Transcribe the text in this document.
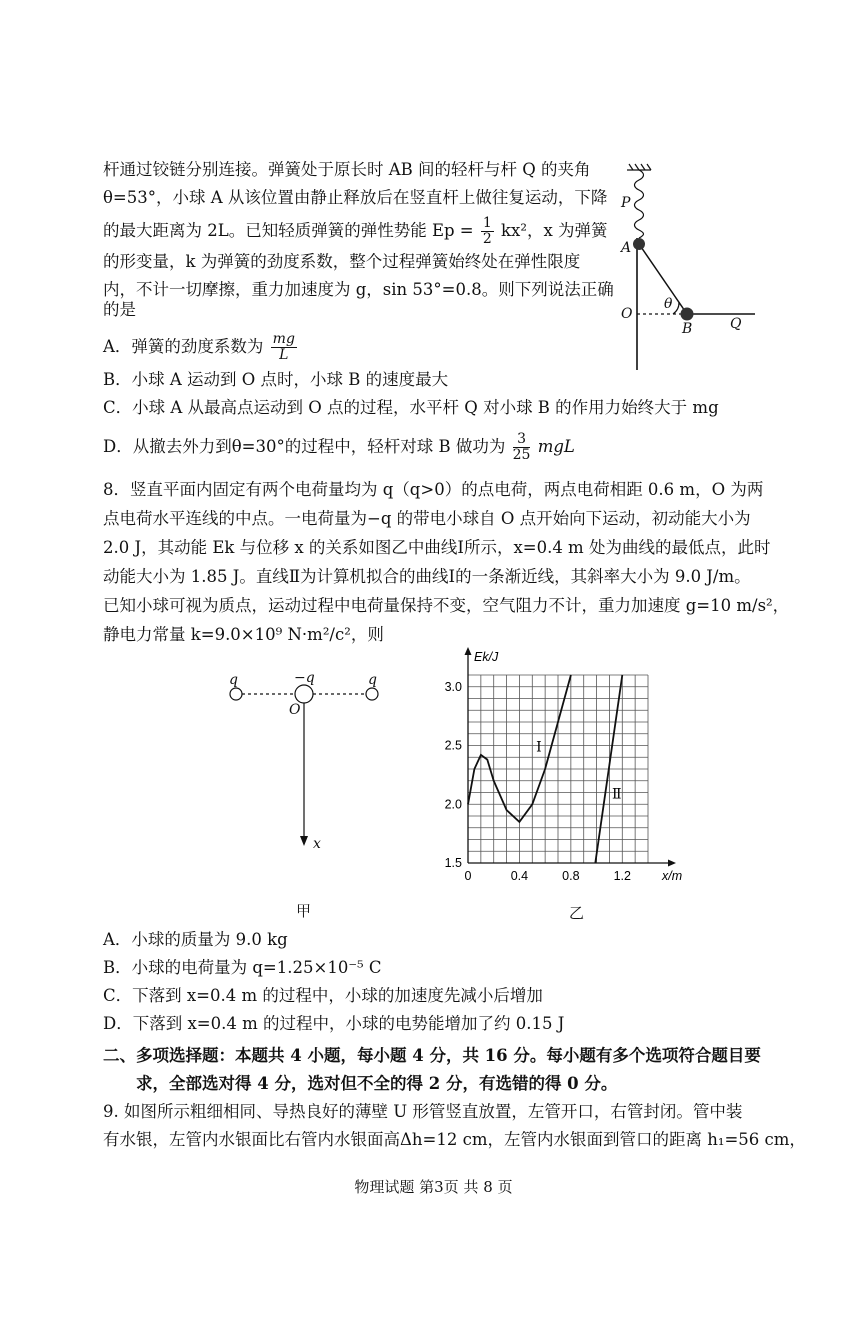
杆通过铰链分别连接。弹簧处于原长时 AB 间的轻杆与杆 Q 的夹角
θ=53°，小球 A 从该位置由静止释放后在竖直杆上做往复运动，下降
的最大距离为 2L。已知轻质弹簧的弹性势能 $Ep = \frac{1}{2} kx^2$，x 为弹簧
的形变量，k 为弹簧的劲度系数，整个过程弹簧始终处在弹性限度
内，不计一切摩擦，重力加速度为 g，sin 53°=0.8。则下列说法正确
的是
A．弹簧的劲度系数为 $\frac{mg}{L}$
B．小球 A 运动到 O 点时，小球 B 的速度最大
C．小球 A 从最高点运动到 O 点的过程，水平杆 Q 对小球 B 的作用力始终大于 mg
D．从撤去外力到θ=30°的过程中，轻杆对球 B 做功为 $\frac{3}{25}$ mgL
P
A
O
θ
B	Q
8．竖直平面内固定有两个电荷量均为 q（q>0）的点电荷，两点电荷相距 0.6 m，O 为两
点电荷水平连线的中点。一电荷量为−q 的带电小球自 O 点开始向下运动，初动能大小为
2.0 J，其动能 Ek 与位移 x 的关系如图乙中曲线Ⅰ所示，x=0.4 m 处为曲线的最低点，此时
动能大小为 1.85 J。直线Ⅱ为计算机拟合的曲线Ⅰ的一条渐近线，其斜率大小为 9.0 J/m。
已知小球可视为质点，运动过程中电荷量保持不变，空气阻力不计，重力加速度 g=10 m/s²，
静电力常量 k=9.0×10⁹ N·m²/c²，则
q	−q	q
O
x
甲
0	0.4	0.8	1.2
1.5
2.0
2.5
3.0
Ek/J
x/m
Ⅰ
Ⅱ
乙
A．小球的质量为 9.0 kg
B．小球的电荷量为 q=1.25×10⁻⁵ C
C．下落到 x=0.4 m 的过程中，小球的加速度先减小后增加
D．下落到 x=0.4 m 的过程中，小球的电势能增加了约 0.15 J
二、多项选择题：本题共 4 小题，每小题 4 分，共 16 分。每小题有多个选项符合题目要
求，全部选对得 4 分，选对但不全的得 2 分，有选错的得 0 分。
9. 如图所示粗细相同、导热良好的薄壁 U 形管竖直放置，左管开口，右管封闭。管中装
有水银，左管内水银面比右管内水银面高Δh=12 cm，左管内水银面到管口的距离 h₁=56 cm，
物理试题 第3页 共 8 页
